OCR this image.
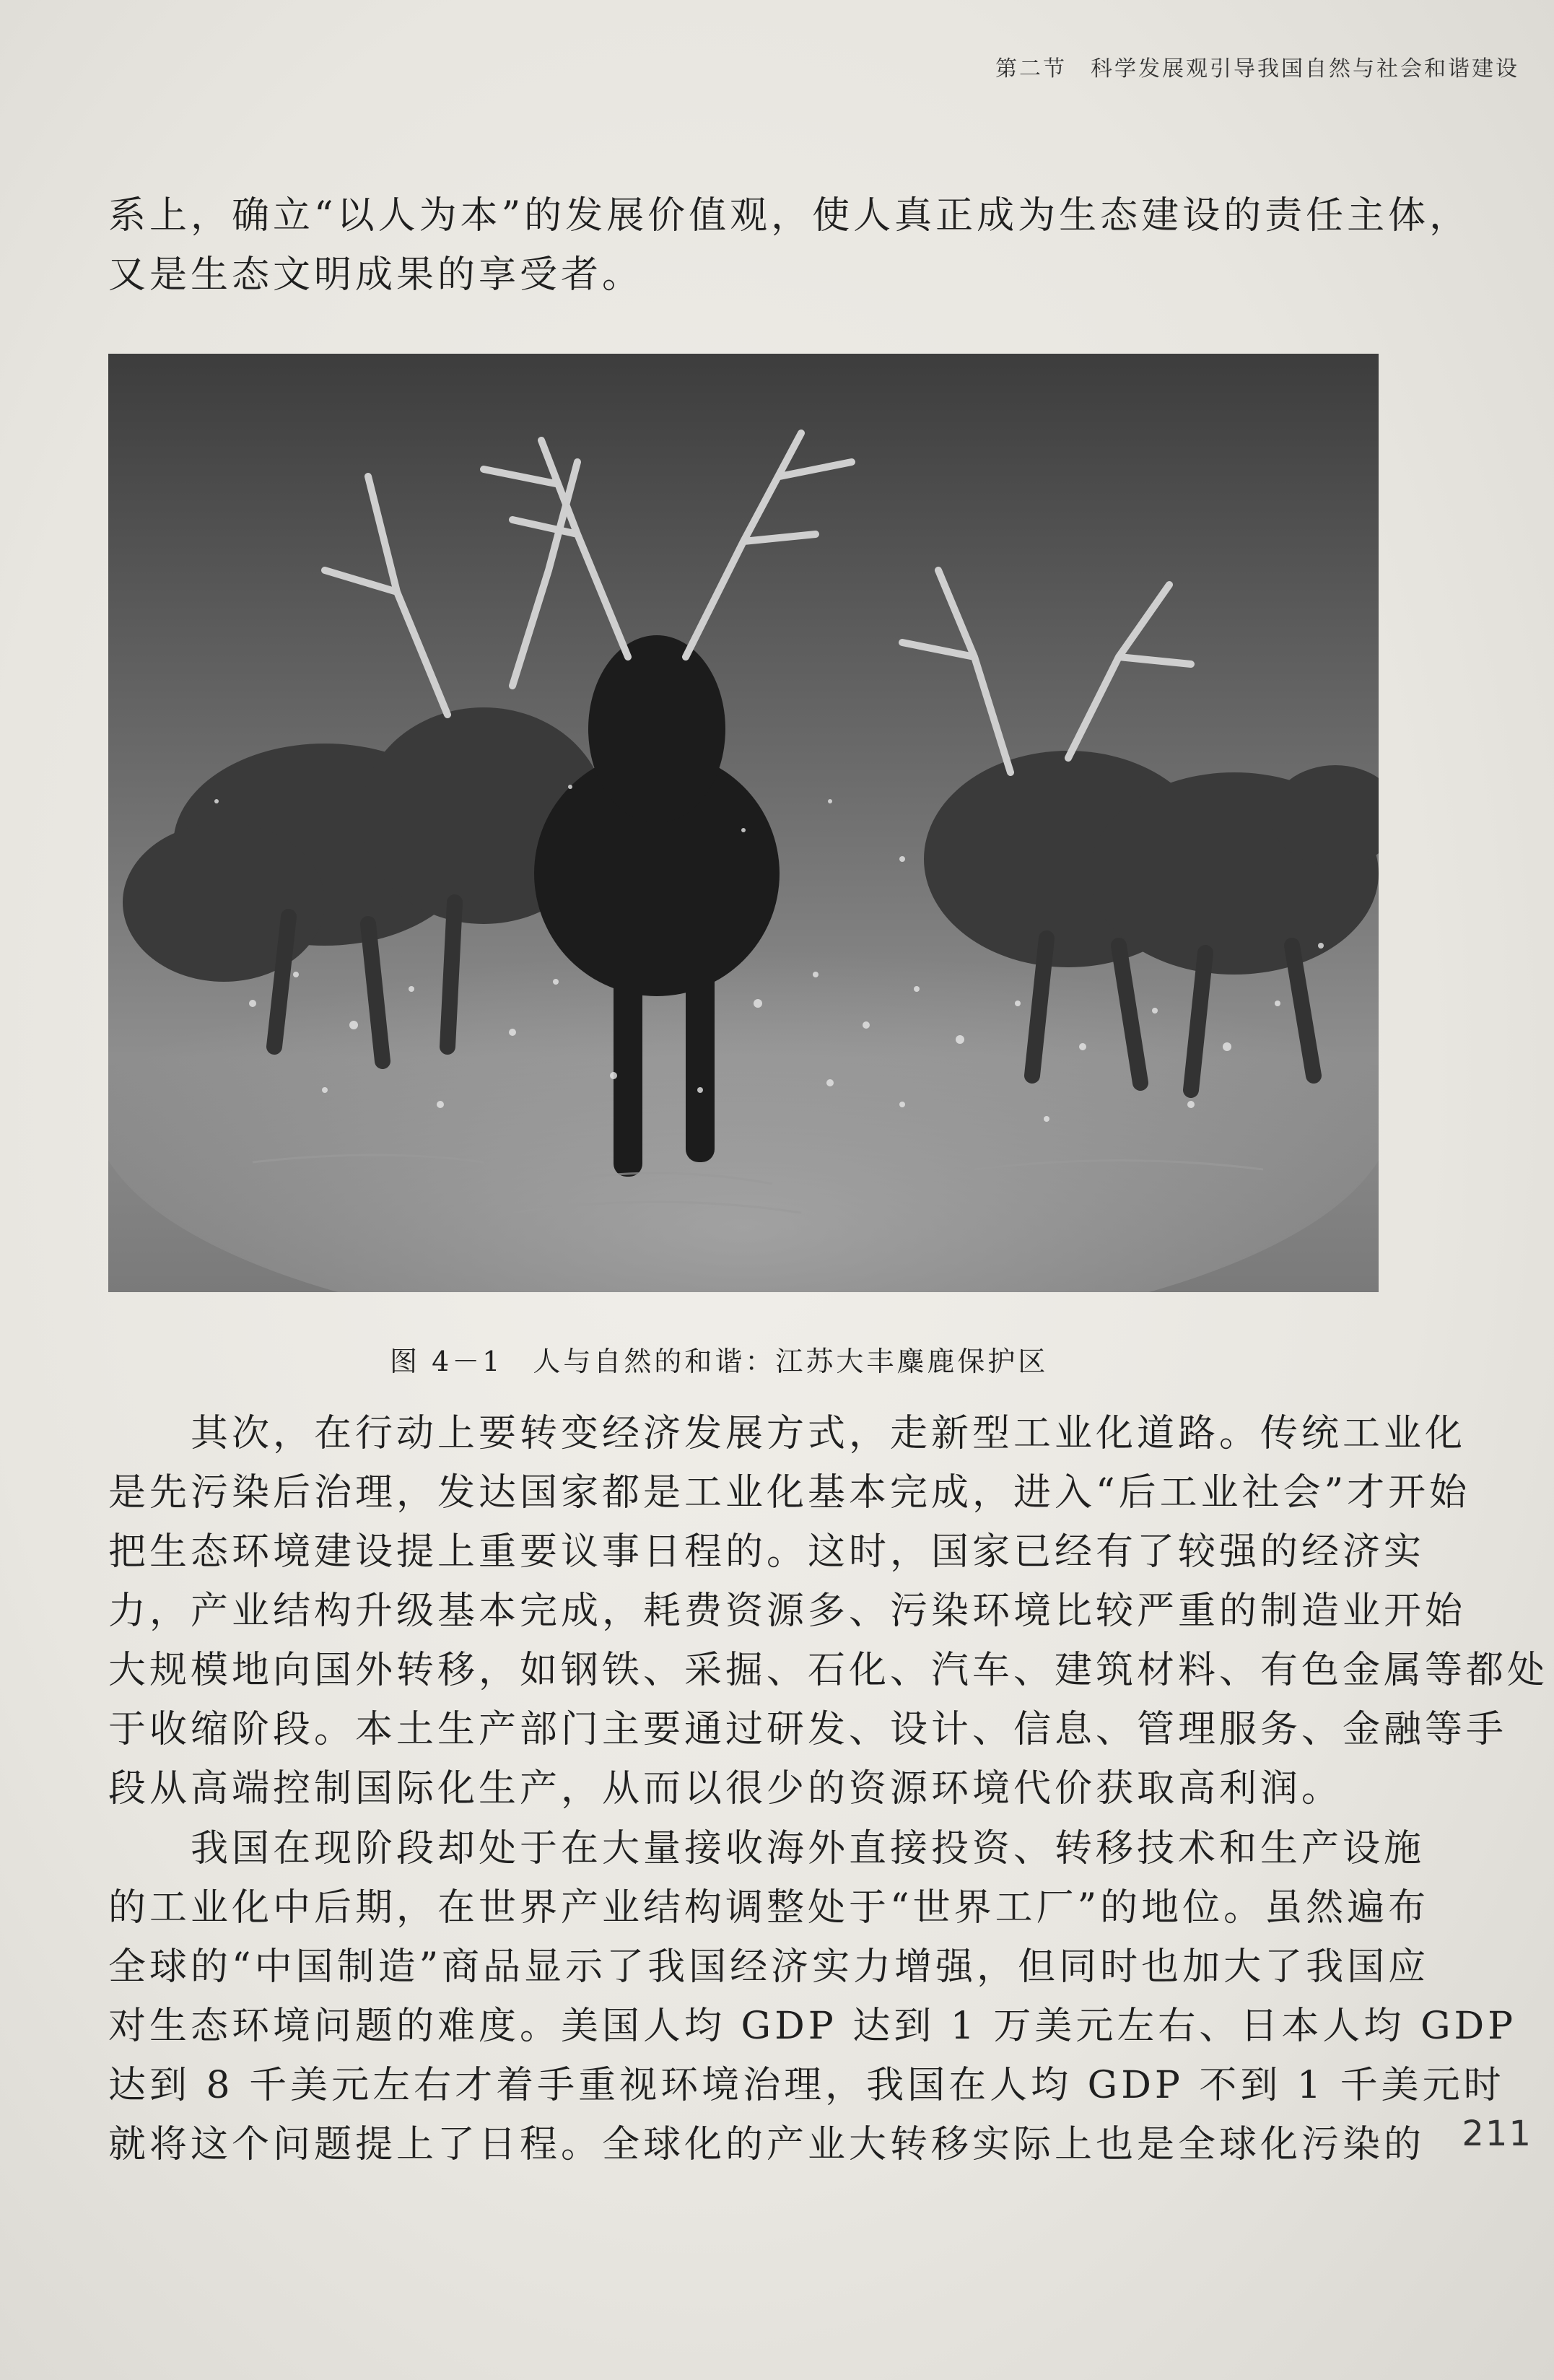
第二节　科学发展观引导我国自然与社会和谐建设
系上，确立“以人为本”的发展价值观，使人真正成为生态建设的责任主体，
又是生态文明成果的享受者。
图 4－1　人与自然的和谐：江苏大丰麋鹿保护区
　　其次，在行动上要转变经济发展方式，走新型工业化道路。传统工业化
是先污染后治理，发达国家都是工业化基本完成，进入“后工业社会”才开始
把生态环境建设提上重要议事日程的。这时，国家已经有了较强的经济实
力，产业结构升级基本完成，耗费资源多、污染环境比较严重的制造业开始
大规模地向国外转移，如钢铁、采掘、石化、汽车、建筑材料、有色金属等都处
于收缩阶段。本土生产部门主要通过研发、设计、信息、管理服务、金融等手
段从高端控制国际化生产，从而以很少的资源环境代价获取高利润。
　　我国在现阶段却处于在大量接收海外直接投资、转移技术和生产设施
的工业化中后期，在世界产业结构调整处于“世界工厂”的地位。虽然遍布
全球的“中国制造”商品显示了我国经济实力增强，但同时也加大了我国应
对生态环境问题的难度。美国人均 GDP 达到 1 万美元左右、日本人均 GDP
达到 8 千美元左右才着手重视环境治理，我国在人均 GDP 不到 1 千美元时
就将这个问题提上了日程。全球化的产业大转移实际上也是全球化污染的 211
